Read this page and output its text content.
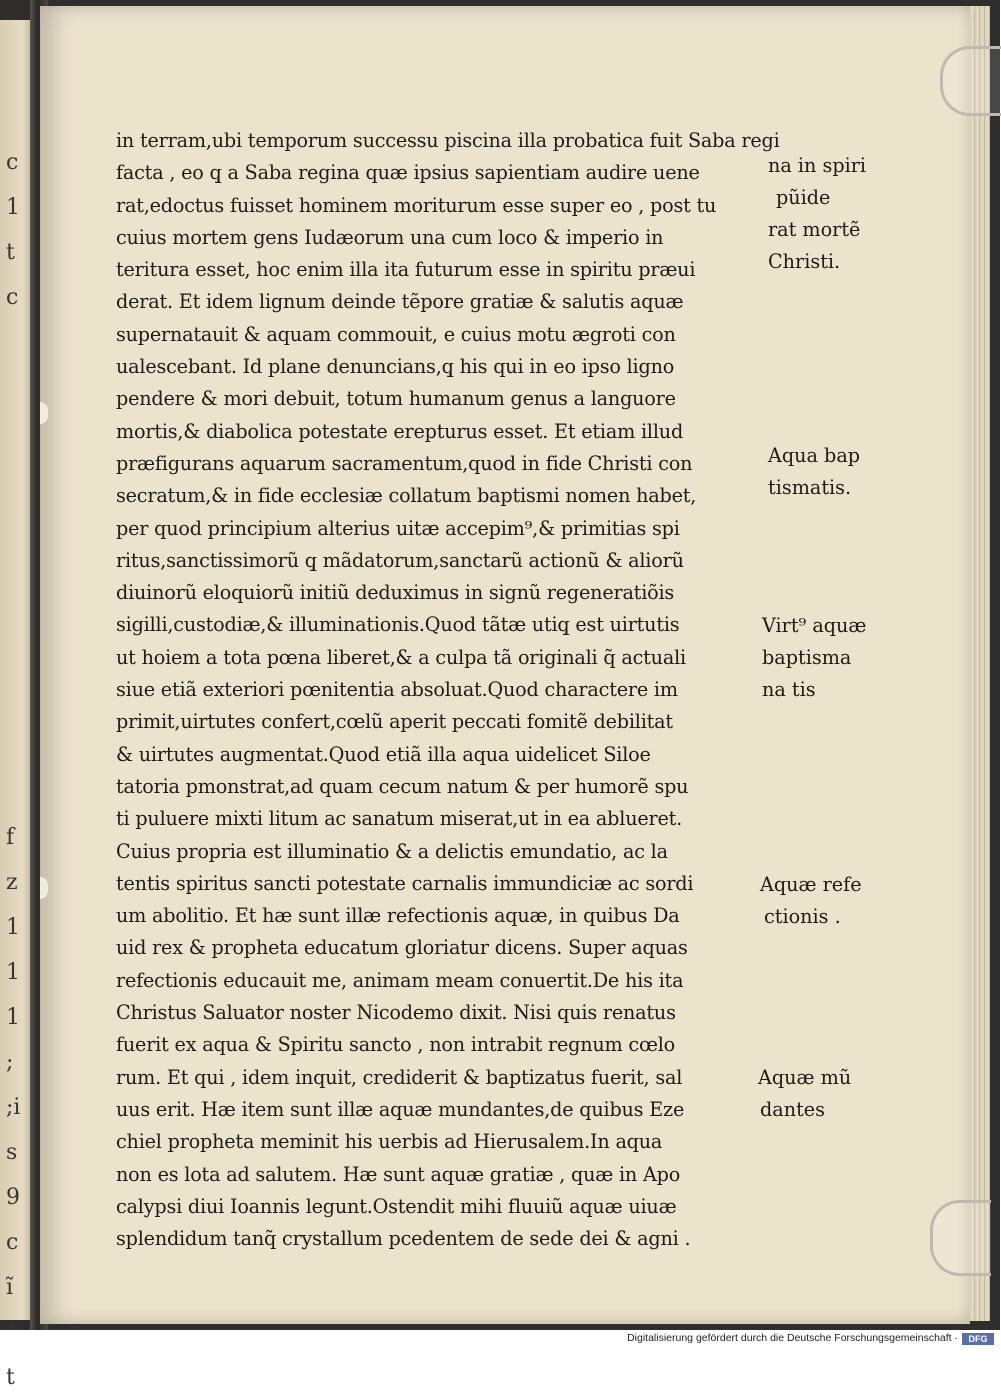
c
1
t
c

f
z
1
1
1
;
;i
s
9
c
ĩ

t
in terram,ubi temporum successu piscina illa probatica fuit Saba regi
facta , eo q̧ a Saba regina quæ ipsius sapientiam audire uene
rat,edoctus fuisset hominem moriturum esse super eo , post tu
cuius mortem gens Iudæorum una cum loco & imperio in
teritura esset, hoc enim illa ita futurum esse in spiritu præui
derat. Et idem lignum deinde tẽpore gratiæ & salutis aquæ
supernatauit & aquam commouit, e cuius motu ægroti con
ualescebant. Id plane denuncians,q̧ his qui in eo ipso ligno
pendere & mori debuit, totum humanum genus a languore
mortis,& diabolica potestate erepturus esset. Et etiam illud
præfigurans aquarum sacramentum,quod in fide Christi con
secratum,& in fide ecclesiæ collatum baptismi nomen habet,
per quod principium alterius uitæ accepim⁹,& primitias spi
ritus,sanctissimorũ q̧ mãdatorum,sanctarũ actionũ & aliorũ
diuinorũ eloquiorũ initiũ deduximus in signũ regeneratiõis
sigilli,custodiæ,& illuminationis.Quod tãtæ utiq̧ est uirtutis
ut hoiem a tota pœna liberet,& a culpa tã originali q̃ actuali
siue etiã exteriori pœnitentia absoluat.Quod charactere im
primit,uirtutes confert,cœlũ aperit peccati fomitẽ debilitat
& uirtutes augmentat.Quod etiã illa aqua uidelicet Siloe
tatoria pmonstrat,ad quam cecum natum & per humorẽ spu
ti puluere mixti litum ac sanatum miserat,ut in ea ablueret.
Cuius propria est illuminatio & a delictis emundatio, ac la
tentis spiritus sancti potestate carnalis immundiciæ ac sordi
um abolitio. Et hæ sunt illæ refectionis aquæ, in quibus Da
uid rex & propheta educatum gloriatur dicens. Super aquas
refectionis educauit me, animam meam conuertit.De his ita
Christus Saluator noster Nicodemo dixit. Nisi quis renatus
fuerit ex aqua & Spiritu sancto , non intrabit regnum cœlo
rum. Et qui , idem inquit, crediderit & baptizatus fuerit, sal
uus erit. Hæ item sunt illæ aquæ mundantes,de quibus Eze
chiel propheta meminit his uerbis ad Hierusalem.In aqua
non es lota ad salutem. Hæ sunt aquæ gratiæ , quæ in Apo
calypsi diui Ioannis legunt.Ostendit mihi fluuiũ aquæ uiuæ
splendidum tanq̃ crystallum pcedentem de sede dei & agni .

na in spiri

pũide

rat mortẽ

Christi.

Aqua bap

tismatis.

Virt⁹ aquæ

baptisma

na tis

Aquæ refe

ctionis .

Aquæ mũ

dantes

Digitalisierung gefördert durch die Deutsche Forschungsgemeinschaft ·	DFG
